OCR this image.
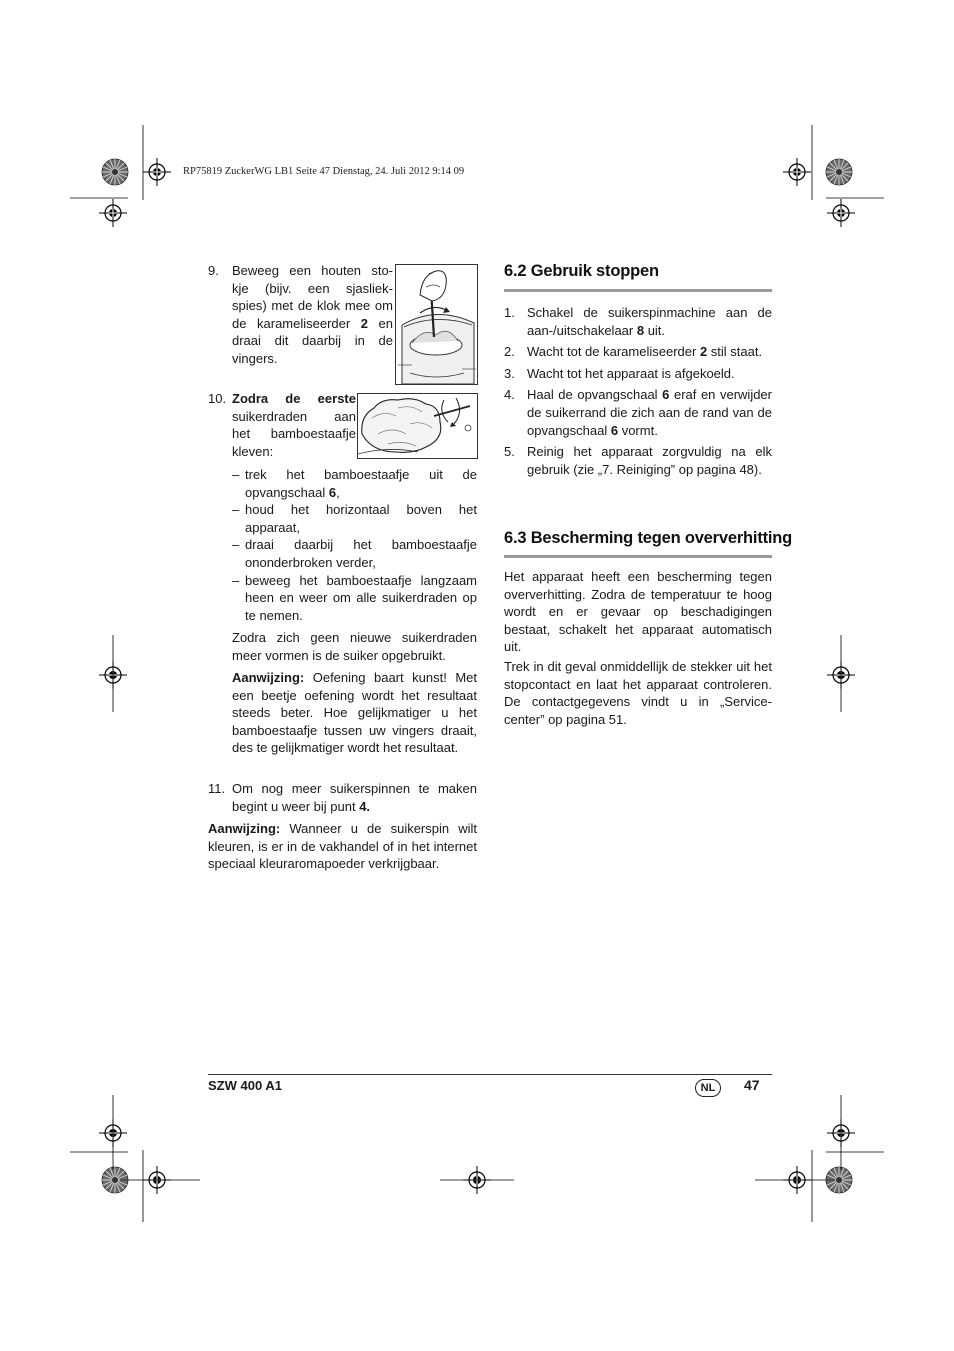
RP75819 ZuckerWG LB1 Seite 47 Dienstag, 24. Juli 2012 9:14 09
9. Beweeg een houten sto-
kje (bijv. een sjasliek-
spies) met de klok mee om
de karameliseerder 2 en
draai dit daarbij in de
vingers.
10. Zodra de eerste
suikerdraden aan
het bamboestaafje
kleven:
– trek het bamboestaafje uit de opvangschaal 6,
– houd het horizontaal boven het apparaat,
– draai daarbij het bamboestaafje ononderbroken verder,
– beweeg het bamboestaafje langzaam heen en weer om alle suikerdraden op te nemen.
Zodra zich geen nieuwe suikerdraden meer vormen is de suiker opgebruikt.
Aanwijzing: Oefening baart kunst! Met een beetje oefening wordt het resultaat steeds beter. Hoe gelijkmatiger u het bamboestaafje tussen uw vingers draait, des te gelijkmatiger wordt het resultaat.
11. Om nog meer suikerspinnen te maken begint u weer bij punt 4.
Aanwijzing: Wanneer u de suikerspin wilt kleuren, is er in de vakhandel of in het internet speciaal kleuraromapoeder verkrijgbaar.
6.2 Gebruik stoppen
1. Schakel de suikerspinmachine aan de aan-/uitschakelaar 8 uit.
2. Wacht tot de karameliseerder 2 stil staat.
3. Wacht tot het apparaat is afgekoeld.
4. Haal de opvangschaal 6 eraf en verwijder de suikerrand die zich aan de rand van de opvangschaal 6 vormt.
5. Reinig het apparaat zorgvuldig na elk gebruik (zie „7. Reiniging” op pagina 48).
6.3 Bescherming tegen oververhitting
Het apparaat heeft een bescherming tegen oververhitting. Zodra de temperatuur te hoog wordt en er gevaar op beschadigingen bestaat, schakelt het apparaat automatisch uit.
Trek in dit geval onmiddellijk de stekker uit het stopcontact en laat het apparaat controleren. De contactgegevens vindt u in „Service-center” op pagina 51.
SZW 400 A1	NL	47
